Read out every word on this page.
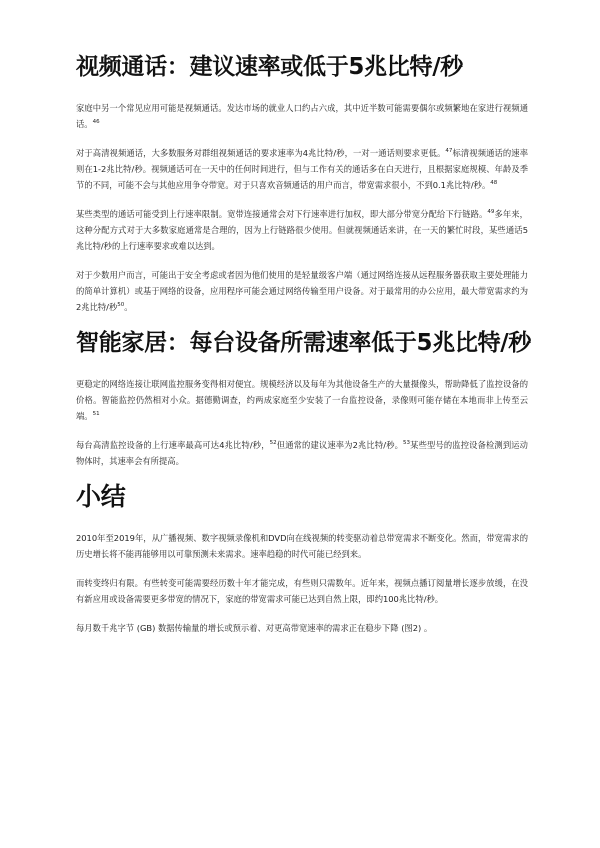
视频通话：建议速率或低于5兆比特/秒

家庭中另一个常见应用可能是视频通话。发达市场的就业人口约占六成，其中近半数可能需要偶尔或频繁地在家进行视频通话。$^{46}$

对于高清视频通话，大多数服务对群组视频通话的要求速率为4兆比特/秒，一对一通话则要求更低。$^{47}$标清视频通话的速率则在1-2兆比特/秒。视频通话可在一天中的任何时间进行，但与工作有关的通话多在白天进行，且根据家庭规模、年龄及季节的不同，可能不会与其他应用争夺带宽。对于只喜欢音频通话的用户而言，带宽需求很小，不到0.1兆比特/秒。$^{48}$

某些类型的通话可能受到上行速率限制。宽带连接通常会对下行速率进行加权，即大部分带宽分配给下行链路。$^{49}$多年来，这种分配方式对于大多数家庭通常是合理的，因为上行链路很少使用。但就视频通话来讲，在一天的繁忙时段，某些通话5兆比特/秒的上行速率要求或难以达到。

对于少数用户而言，可能出于安全考虑或者因为他们使用的是轻量级客户端（通过网络连接从远程服务器获取主要处理能力的简单计算机）或基于网络的设备，应用程序可能会通过网络传输至用户设备。对于最常用的办公应用，最大带宽需求约为2兆比特/秒$^{50}$。

智能家居：每台设备所需速率低于5兆比特/秒

更稳定的网络连接让联网监控服务变得相对便宜。规模经济以及每年为其他设备生产的大量摄像头，帮助降低了监控设备的价格。智能监控仍然相对小众。据德勤调查，约两成家庭至少安装了一台监控设备，录像则可能存储在本地而非上传至云端。$^{51}$

每台高清监控设备的上行速率最高可达4兆比特/秒，$^{52}$但通常的建议速率为2兆比特/秒。$^{53}$某些型号的监控设备检测到运动物体时，其速率会有所提高。

小结

2010年至2019年，从广播视频、数字视频录像机和DVD向在线视频的转变驱动着总带宽需求不断变化。然而，带宽需求的历史增长将不能再能够用以可靠预测未来需求。速率趋稳的时代可能已经到来。

而转变终归有限。有些转变可能需要经历数十年才能完成，有些则只需数年。近年来，视频点播订阅量增长逐步放缓，在没有新应用或设备需要更多带宽的情况下，家庭的带宽需求可能已达到自然上限，即约100兆比特/秒。

每月数千兆字节 (GB) 数据传输量的增长或预示着、对更高带宽速率的需求正在稳步下降 (图2) 。
